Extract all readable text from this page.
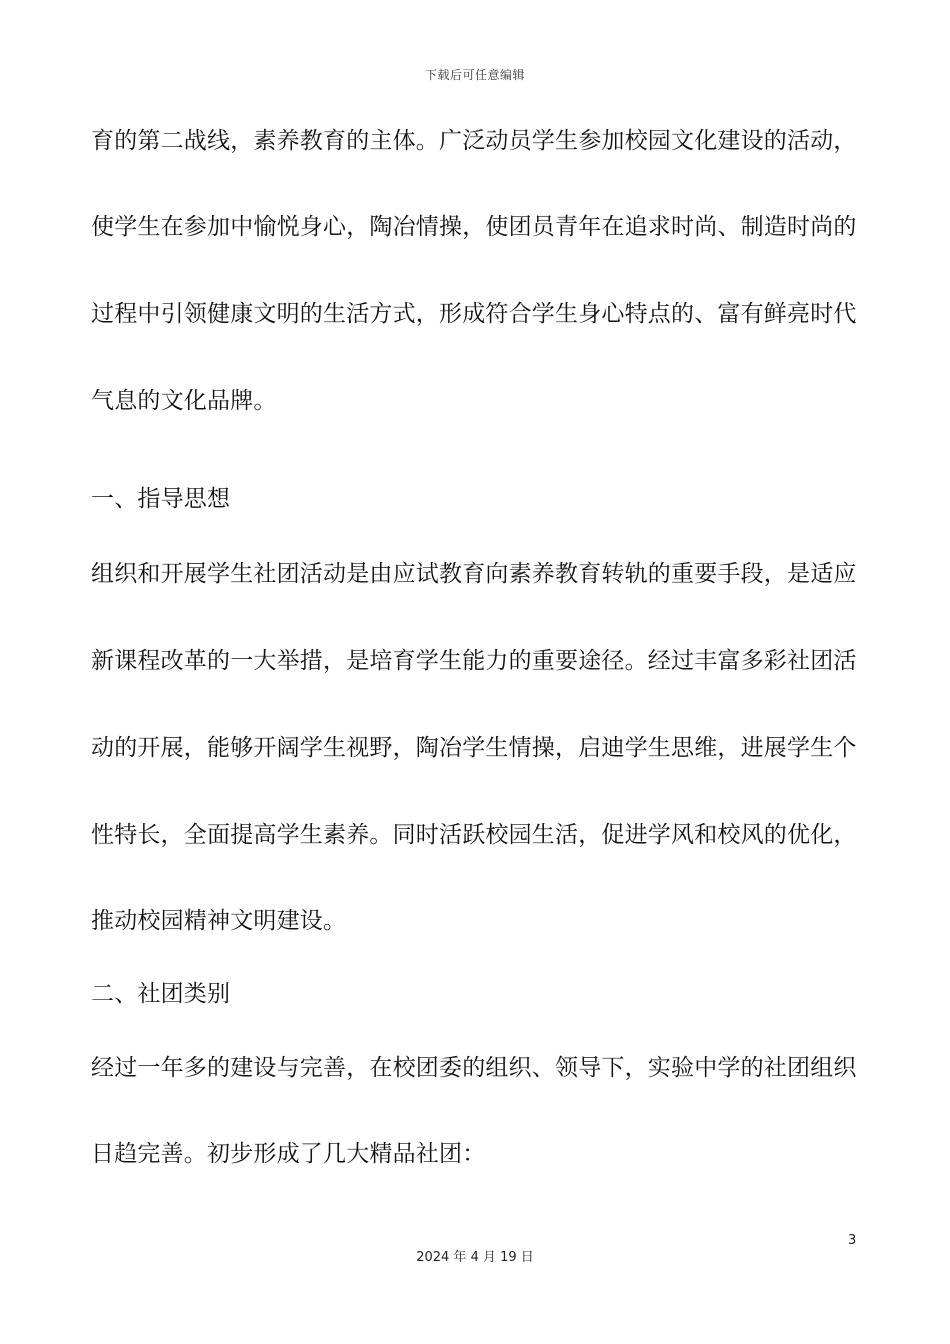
下载后可任意编辑
育的第二战线，素养教育的主体。广泛动员学生参加校园文化建设的活动，
使学生在参加中愉悦身心，陶冶情操，使团员青年在追求时尚、制造时尚的
过程中引领健康文明的生活方式，形成符合学生身心特点的、富有鲜亮时代
气息的文化品牌。
一、指导思想
组织和开展学生社团活动是由应试教育向素养教育转轨的重要手段，是适应
新课程改革的一大举措，是培育学生能力的重要途径。经过丰富多彩社团活
动的开展，能够开阔学生视野，陶冶学生情操，启迪学生思维，进展学生个
性特长，全面提高学生素养。同时活跃校园生活，促进学风和校风的优化，
推动校园精神文明建设。
二、社团类别
经过一年多的建设与完善，在校团委的组织、领导下，实验中学的社团组织
日趋完善。初步形成了几大精品社团：
3
2024 年 4 月 19 日
